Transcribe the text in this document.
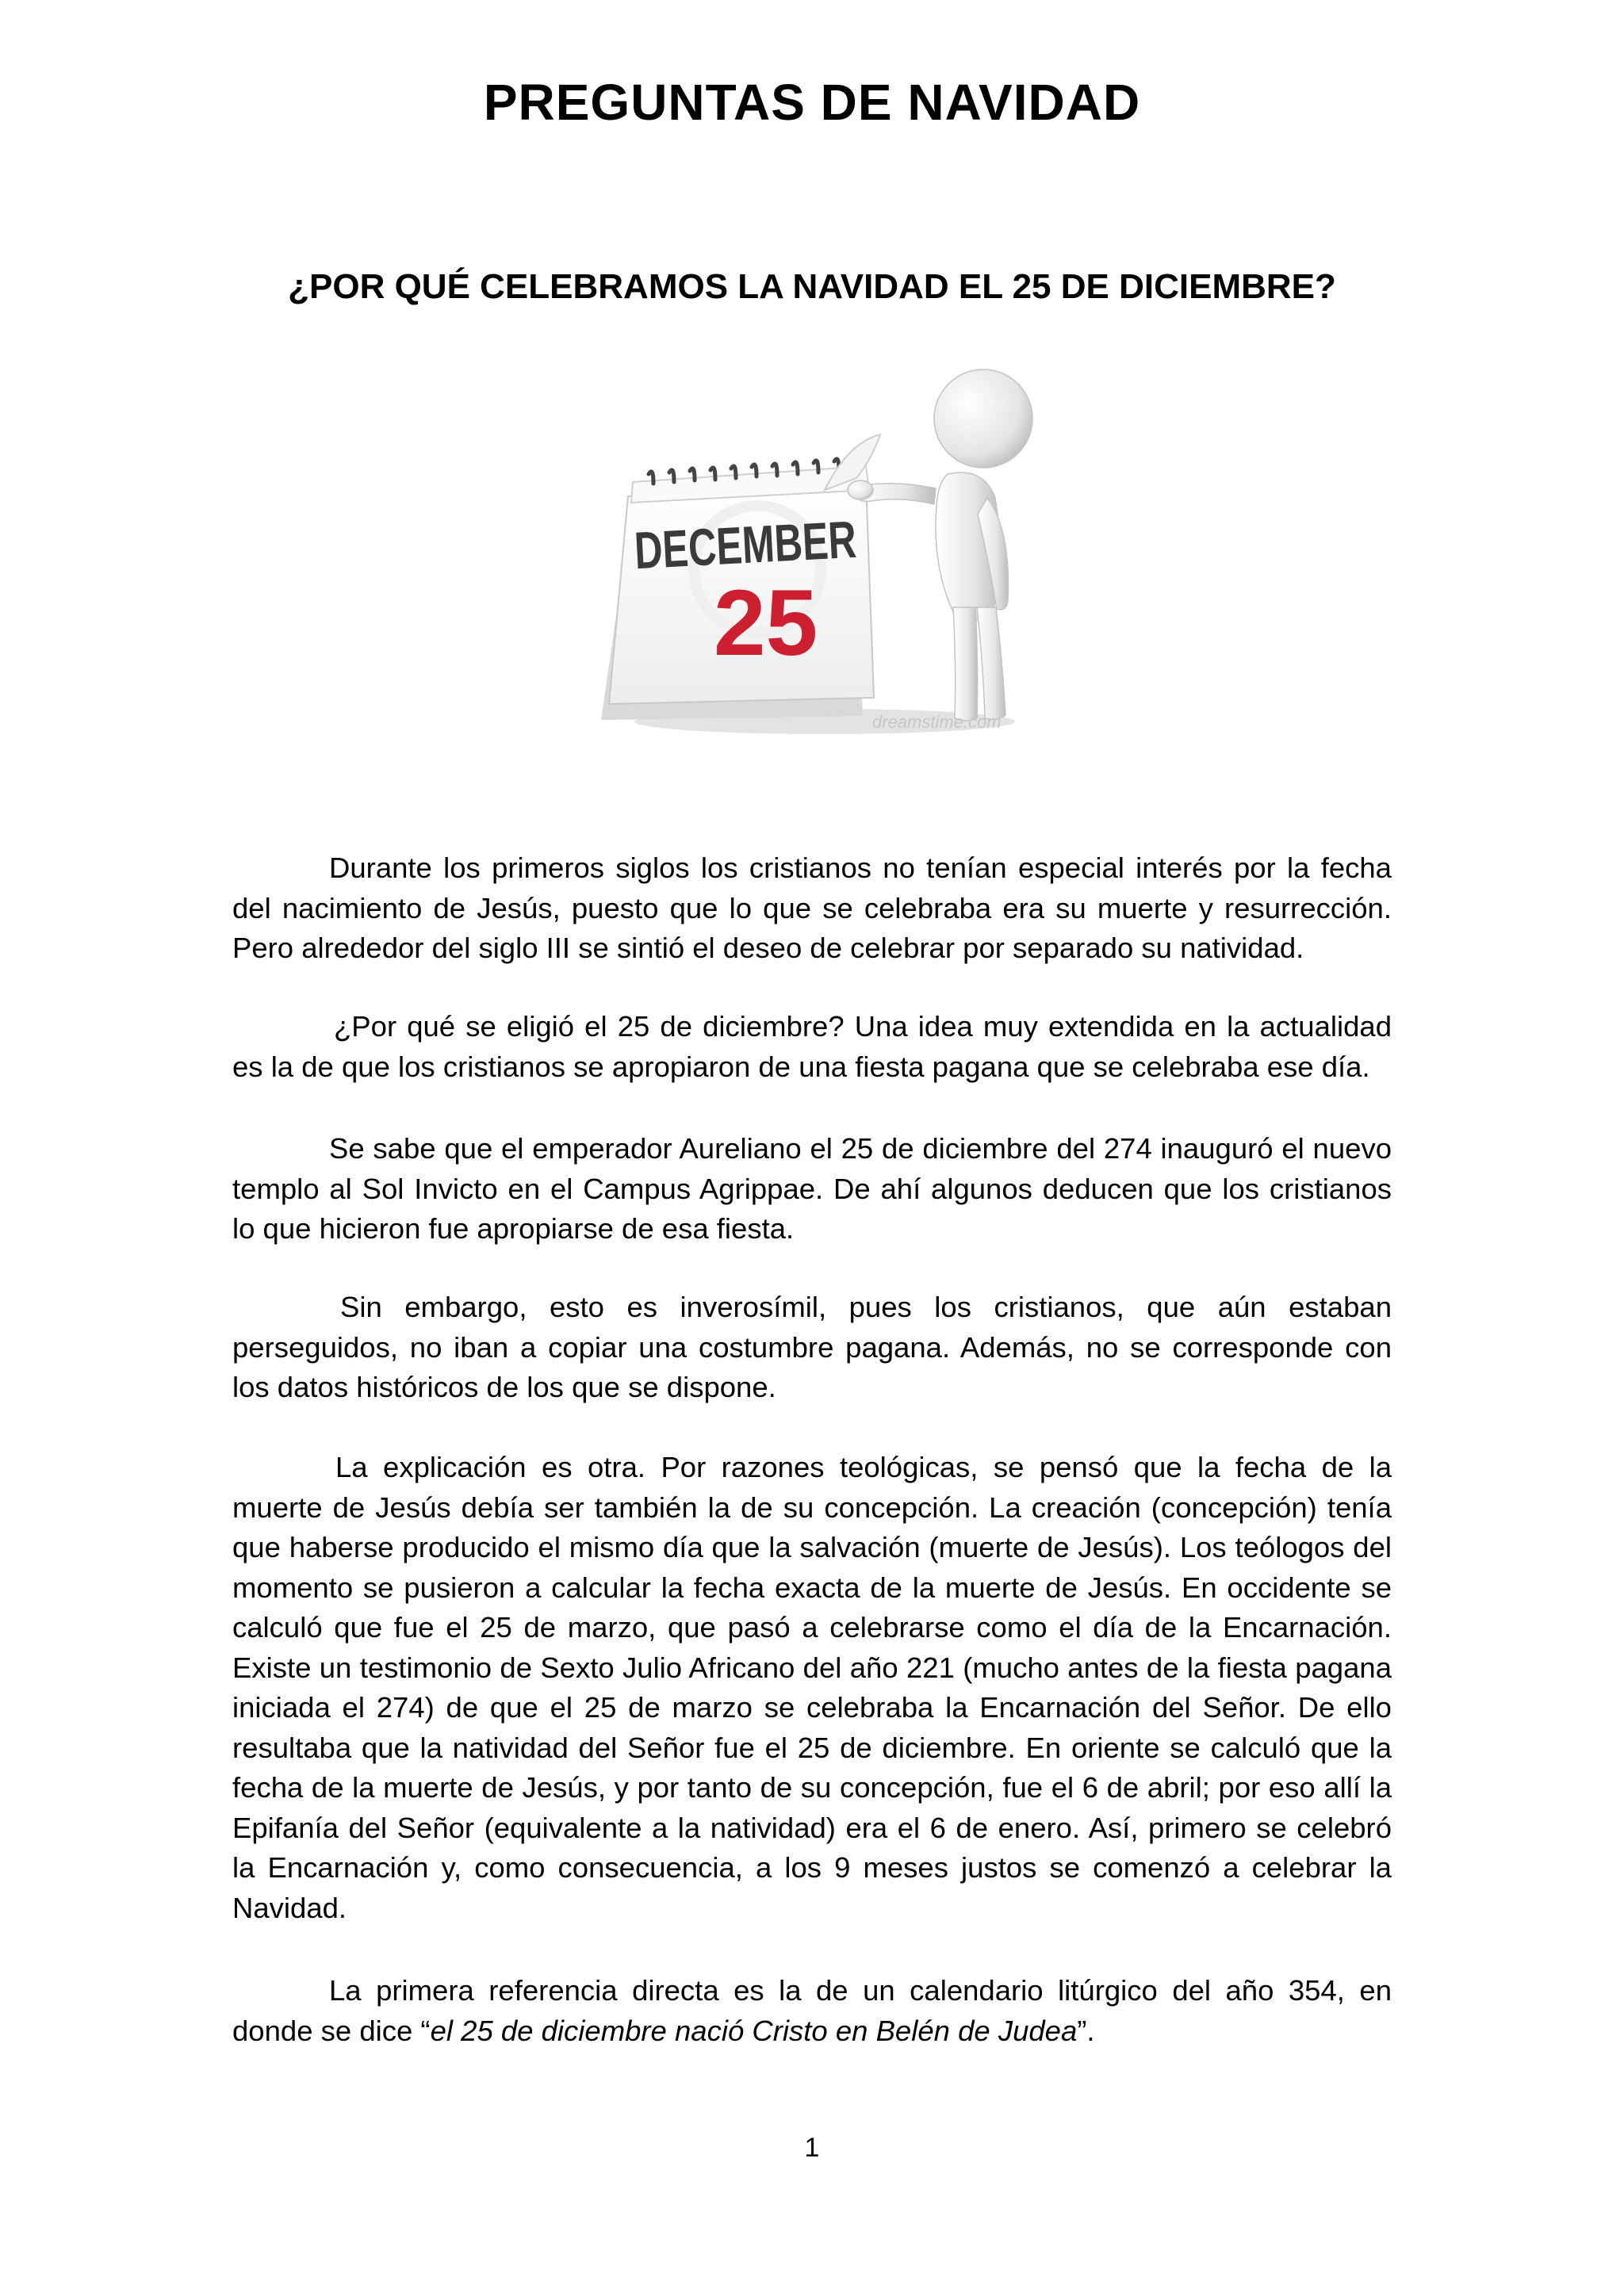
PREGUNTAS DE NAVIDAD
¿POR QUÉ CELEBRAMOS LA NAVIDAD EL 25 DE DICIEMBRE?
DECEMBER
25
dreamstime.com

Durante los primeros siglos los cristianos no tenían especial interés por la fecha del nacimiento de Jesús, puesto que lo que se celebraba era su muerte y resurrección. Pero alrededor del siglo III se sintió el deseo de celebrar por separado su natividad.

¿Por qué se eligió el 25 de diciembre? Una idea muy extendida en la actualidad es la de que los cristianos se apropiaron de una fiesta pagana que se celebraba ese día.

Se sabe que el emperador Aureliano el 25 de diciembre del 274 inauguró el nuevo templo al Sol Invicto en el Campus Agrippae. De ahí algunos deducen que los cristianos lo que hicieron fue apropiarse de esa fiesta.

Sin embargo, esto es inverosímil, pues los cristianos, que aún estaban perseguidos, no iban a copiar una costumbre pagana. Además, no se corresponde con los datos históricos de los que se dispone.

La explicación es otra. Por razones teológicas, se pensó que la fecha de la muerte de Jesús debía ser también la de su concepción. La creación (concepción) tenía que haberse producido el mismo día que la salvación (muerte de Jesús). Los teólogos del momento se pusieron a calcular la fecha exacta de la muerte de Jesús. En occidente se calculó que fue el 25 de marzo, que pasó a celebrarse como el día de la Encarnación. Existe un testimonio de Sexto Julio Africano del año 221 (mucho antes de la fiesta pagana iniciada el 274) de que el 25 de marzo se celebraba la Encarnación del Señor. De ello resultaba que la natividad del Señor fue el 25 de diciembre. En oriente se calculó que la fecha de la muerte de Jesús, y por tanto de su concepción, fue el 6 de abril; por eso allí la Epifanía del Señor (equivalente a la natividad) era el 6 de enero. Así, primero se celebró la Encarnación y, como consecuencia, a los 9 meses justos se comenzó a celebrar la Navidad.

La primera referencia directa es la de un calendario litúrgico del año 354, en donde se dice “el 25 de diciembre nació Cristo en Belén de Judea”.

1
